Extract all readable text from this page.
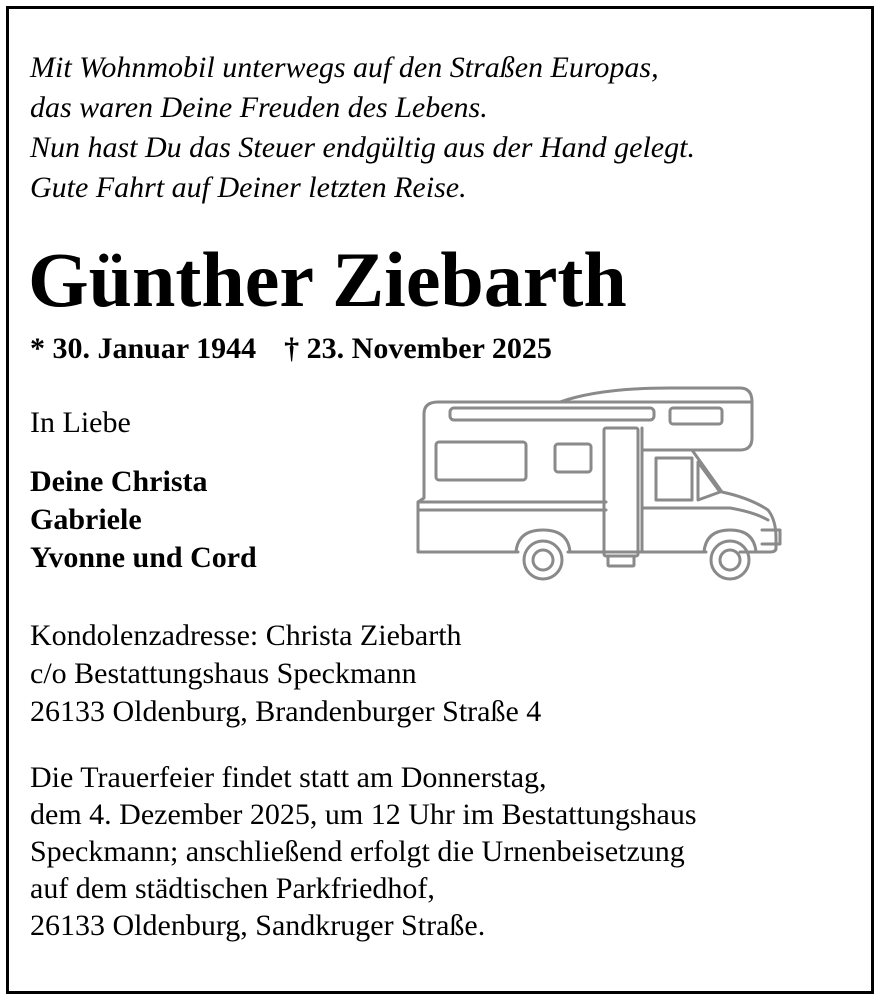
Mit Wohnmobil unterwegs auf den Straßen Europas,
das waren Deine Freuden des Lebens.
Nun hast Du das Steuer endgültig aus der Hand gelegt.
Gute Fahrt auf Deiner letzten Reise.
Günther Ziebarth
* 30. Januar 1944 † 23. November 2025
In Liebe
Deine Christa
Gabriele
Yvonne und Cord
Kondolenzadresse: Christa Ziebarth
c/o Bestattungshaus Speckmann
26133 Oldenburg, Brandenburger Straße 4
Die Trauerfeier findet statt am Donnerstag,
dem 4. Dezember 2025, um 12 Uhr im Bestattungshaus
Speckmann; anschließend erfolgt die Urnenbeisetzung
auf dem städtischen Parkfriedhof,
26133 Oldenburg, Sandkruger Straße.
